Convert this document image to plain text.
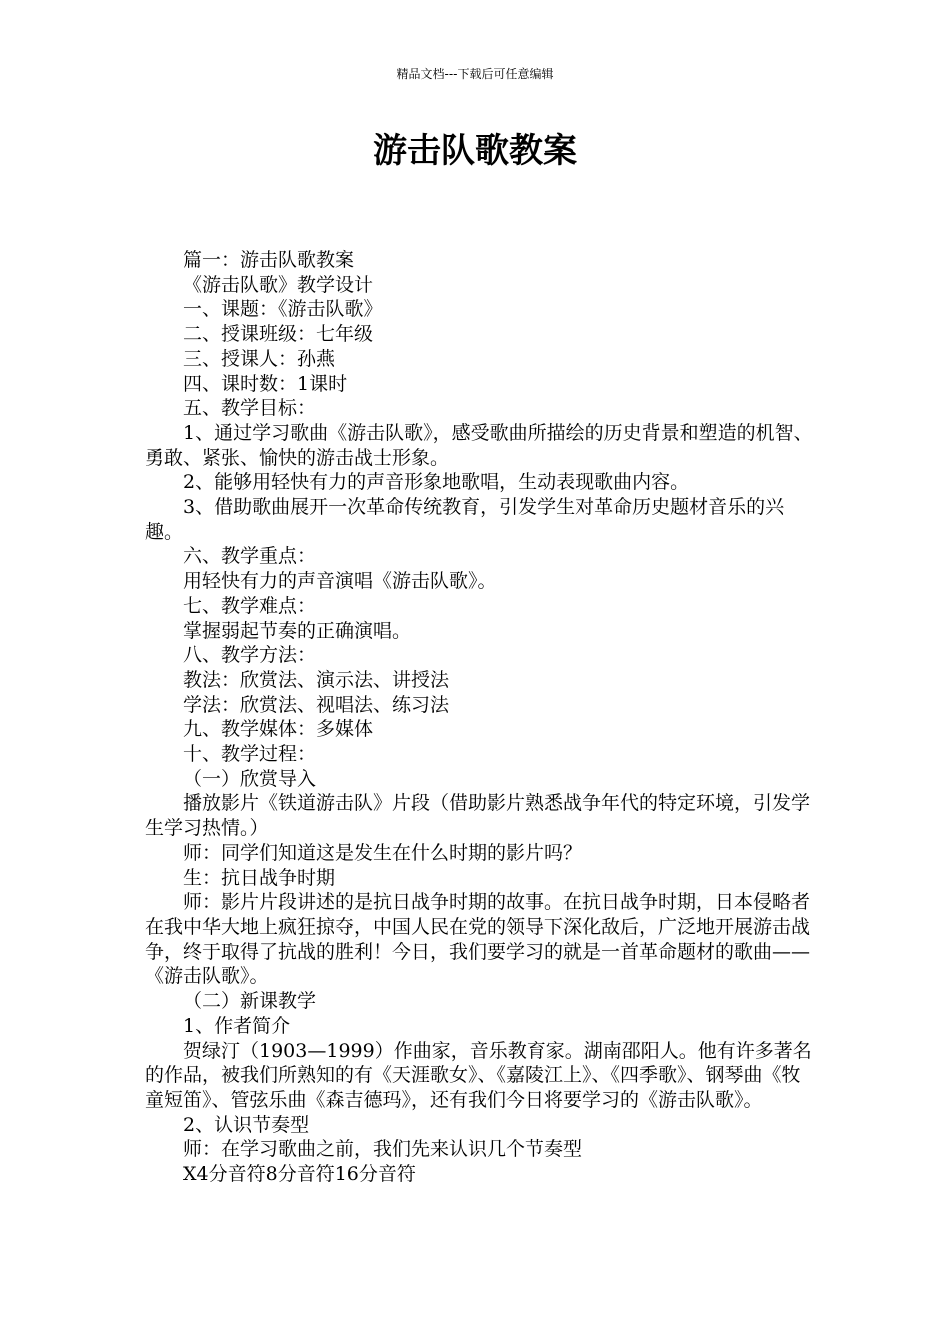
精品文档---下载后可任意编辑
游击队歌教案

篇一：游击队歌教案

《游击队歌》教学设计

一、课题：《游击队歌》

二、授课班级：七年级

三、授课人：孙燕

四、课时数：1课时

五、教学目标：

1、通过学习歌曲《游击队歌》，感受歌曲所描绘的历史背景和塑造的机智、勇敢、紧张、愉快的游击战士形象。

2、能够用轻快有力的声音形象地歌唱，生动表现歌曲内容。

3、借助歌曲展开一次革命传统教育，引发学生对革命历史题材音乐的兴趣。

六、教学重点：

用轻快有力的声音演唱《游击队歌》。

七、教学难点：

掌握弱起节奏的正确演唱。

八、教学方法：

教法：欣赏法、演示法、讲授法

学法：欣赏法、视唱法、练习法

九、教学媒体：多媒体

十、教学过程：

（一）欣赏导入

播放影片《铁道游击队》片段（借助影片熟悉战争年代的特定环境，引发学生学习热情。）

师：同学们知道这是发生在什么时期的影片吗？

生：抗日战争时期

师：影片片段讲述的是抗日战争时期的故事。在抗日战争时期，日本侵略者在我中华大地上疯狂掠夺，中国人民在党的领导下深化敌后，广泛地开展游击战争，终于取得了抗战的胜利！今日，我们要学习的就是一首革命题材的歌曲——《游击队歌》。

（二）新课教学

1、作者简介

贺绿汀（1903—1999）作曲家，音乐教育家。湖南邵阳人。他有许多著名的作品，被我们所熟知的有《天涯歌女》、《嘉陵江上》、《四季歌》、钢琴曲《牧童短笛》、管弦乐曲《森吉德玛》，还有我们今日将要学习的《游击队歌》。

2、认识节奏型

师：在学习歌曲之前，我们先来认识几个节奏型

X4分音符8分音符16分音符
